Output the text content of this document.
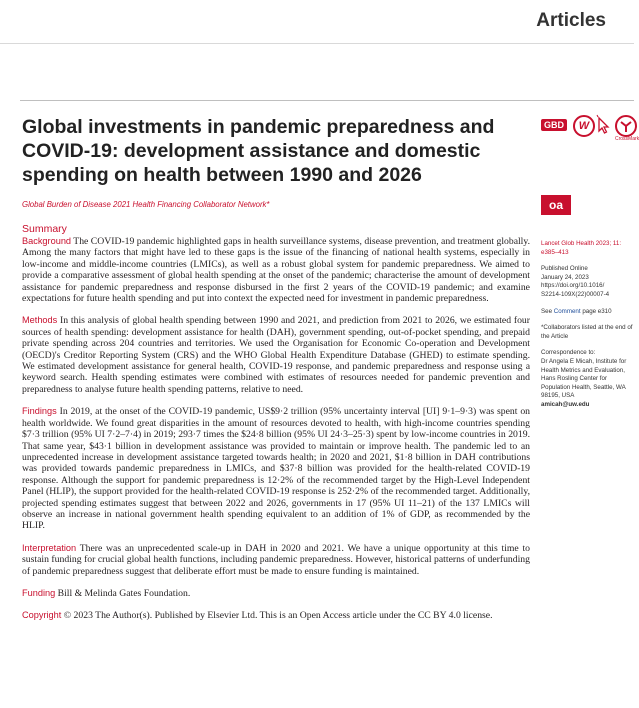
Articles
Global investments in pandemic preparedness and COVID-19: development assistance and domestic spending on health between 1990 and 2026
Global Burden of Disease 2021 Health Financing Collaborator Network*
Summary

Background The COVID-19 pandemic highlighted gaps in health surveillance systems, disease prevention, and treatment globally. Among the many factors that might have led to these gaps is the issue of the financing of national health systems, especially in low-income and middle-income countries (LMICs), as well as a robust global system for pandemic preparedness. We aimed to provide a comparative assessment of global health spending at the onset of the pandemic; characterise the amount of development assistance for pandemic preparedness and response disbursed in the first 2 years of the COVID-19 pandemic; and examine expectations for future health spending and put into context the expected need for investment in pandemic preparedness.

Methods In this analysis of global health spending between 1990 and 2021, and prediction from 2021 to 2026, we estimated four sources of health spending: development assistance for health (DAH), government spending, out-of-pocket spending, and prepaid private spending across 204 countries and territories. We used the Organisation for Economic Co-operation and Development (OECD)'s Creditor Reporting System (CRS) and the WHO Global Health Expenditure Database (GHED) to estimate spending. We estimated development assistance for general health, COVID-19 response, and pandemic preparedness and response using a keyword search. Health spending estimates were combined with estimates of resources needed for pandemic prevention and preparedness to analyse future health spending patterns, relative to need.

Findings In 2019, at the onset of the COVID-19 pandemic, US$9·2 trillion (95% uncertainty interval [UI] 9·1–9·3) was spent on health worldwide. We found great disparities in the amount of resources devoted to health, with high-income countries spending $7·3 trillion (95% UI 7·2–7·4) in 2019; 293·7 times the $24·8 billion (95% UI 24·3–25·3) spent by low-income countries in 2019. That same year, $43·1 billion in development assistance was provided to maintain or improve health. The pandemic led to an unprecedented increase in development assistance targeted towards health; in 2020 and 2021, $1·8 billion in DAH contributions was provided towards pandemic preparedness in LMICs, and $37·8 billion was provided for the health-related COVID-19 response. Although the support for pandemic preparedness is 12·2% of the recommended target by the High-Level Independent Panel (HLIP), the support provided for the health-related COVID-19 response is 252·2% of the recommended target. Additionally, projected spending estimates suggest that between 2022 and 2026, governments in 17 (95% UI 11–21) of the 137 LMICs will observe an increase in national government health spending equivalent to an addition of 1% of GDP, as recommended by the HLIP.

Interpretation There was an unprecedented scale-up in DAH in 2020 and 2021. We have a unique opportunity at this time to sustain funding for crucial global health functions, including pandemic preparedness. However, historical patterns of underfunding of pandemic preparedness suggest that deliberate effort must be made to ensure funding is maintained.

Funding Bill & Melinda Gates Foundation.

Copyright © 2023 The Author(s). Published by Elsevier Ltd. This is an Open Access article under the CC BY 4.0 license.

GBD	W
CrossMark
oa

Lancet Glob Health 2023; 11: e385–413

Published Online

January 24, 2023

https://doi.org/10.1016/

S2214-109X(22)00007-4

See Comment page e310

*Collaborators listed at the end of the Article

Correspondence to:

Dr Angela E Micah, Institute for Health Metrics and Evaluation, Hans Rosling Center for Population Health, Seattle, WA 98195, USA

amicah@uw.edu
